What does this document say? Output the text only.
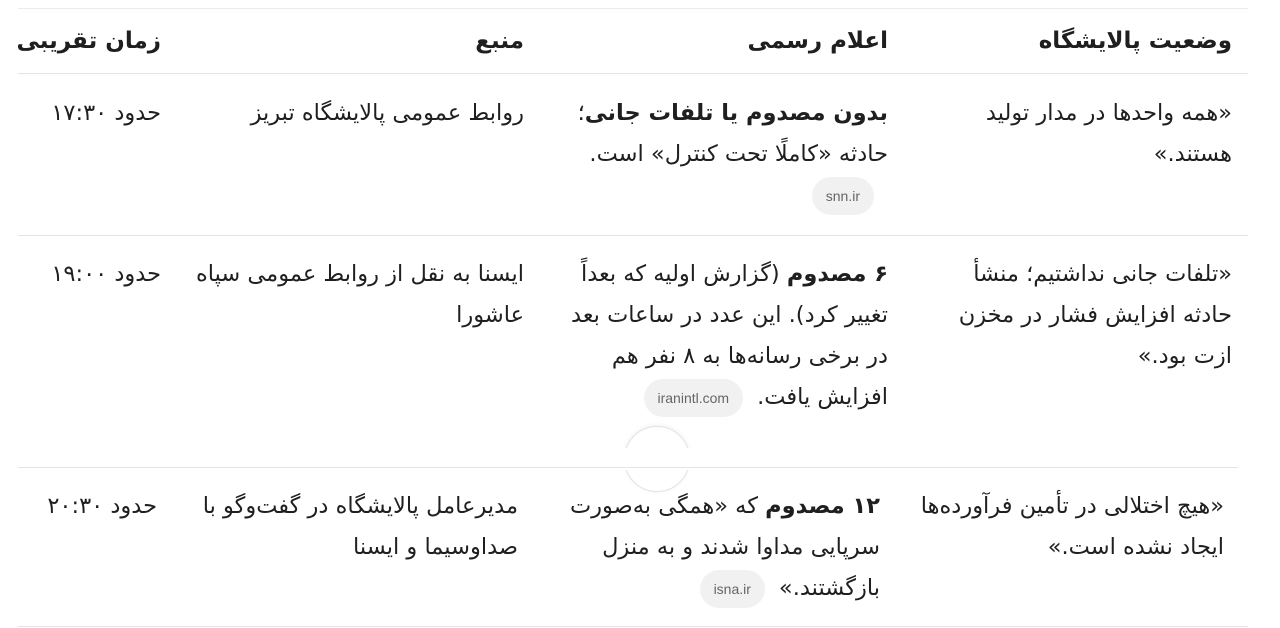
وضعیت پالایشگاه
اعلام رسمی
منبع
زمان تقریبی
«همه واحدها در مدار تولید هستند.»
بدون مصدوم یا تلفات جانی؛ حادثه «کاملًا تحت کنترل» است.snn.ir
روابط عمومی پالایشگاه تبریز
حدود ۱۷:۳۰
«تلفات جانی نداشتیم؛ منشأ حادثه افزایش فشار در مخزن ازت بود.»
۶ مصدوم (گزارش اولیه که بعداً تغییر کرد). این عدد در ساعات بعد در برخی رسانه‌ها به ۸ نفر هم افزایش یافت.iranintl.com
ایسنا به نقل از روابط عمومی سپاه عاشورا
حدود ۱۹:۰۰
«هیچ اختلالی در تأمین فرآورده‌ها ایجاد نشده است.»
۱۲ مصدوم که «همگی به‌صورت سرپایی مداوا شدند و به منزل بازگشتند.»isna.ir
مدیرعامل پالایشگاه در گفت‌وگو با صداوسیما و ایسنا
حدود ۲۰:۳۰
